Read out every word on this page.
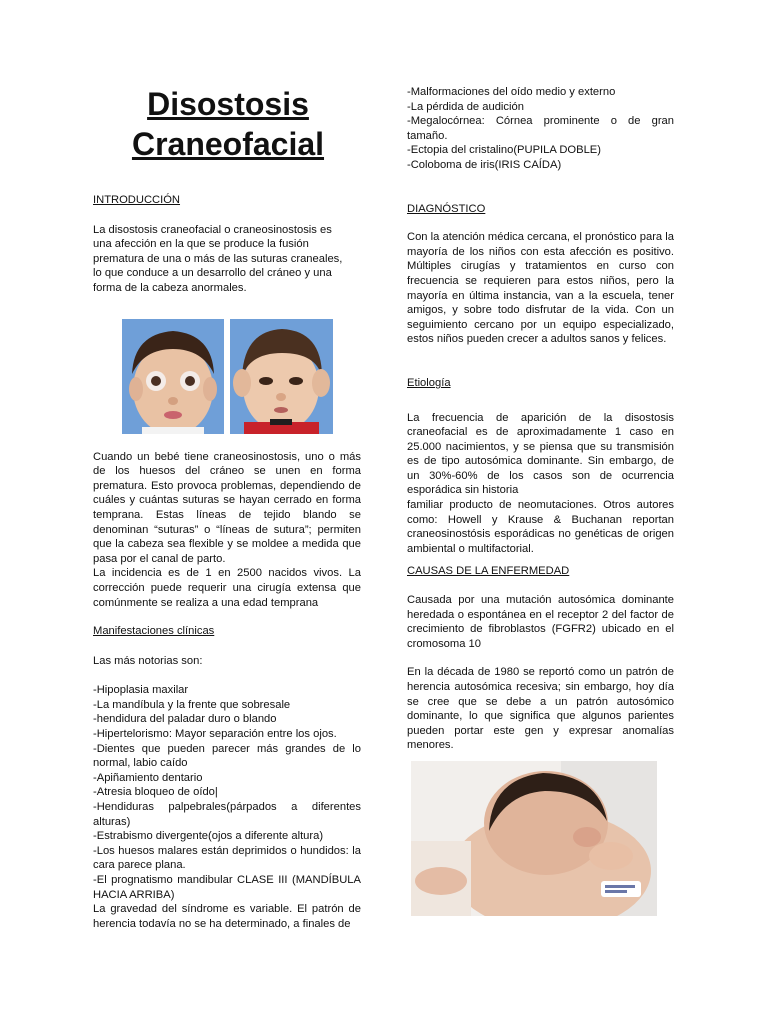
Disostosis
Craneofacial

INTRODUCCIÓN

La disostosis craneofacial o craneosinostosis es
una afección en la que se produce la fusión
prematura de una o más de las suturas craneales,
lo que conduce a un desarrollo del cráneo y una
forma de la cabeza anormales.

Cuando un bebé tiene craneosinostosis, uno o más de los huesos del cráneo se unen en forma prematura. Esto provoca problemas, dependiendo de cuáles y cuántas suturas se hayan cerrado en forma temprana. Estas líneas de tejido blando se denominan “suturas” o “líneas de sutura”; permiten que la cabeza sea flexible y se moldee a medida que pasa por el canal de parto.

La incidencia es de 1 en 2500 nacidos vivos. La corrección puede requerir una cirugía extensa que comúnmente se realiza a una edad temprana

Manifestaciones clínicas

Las más notorias son:

-Hipoplasia maxilar

-La mandíbula y la frente que sobresale

-hendidura del paladar duro o blando

-Hipertelorismo: Mayor separación entre los ojos.

-Dientes que pueden parecer más grandes de lo normal, labio caído

-Apiñamiento dentario

-Atresia bloqueo de oído|

-Hendiduras palpebrales(párpados a diferentes alturas)

-Estrabismo divergente(ojos a diferente altura)

-Los huesos malares están deprimidos o hundidos: la cara parece plana.

-El prognatismo mandibular CLASE III (MANDÍBULA HACIA ARRIBA)

La gravedad del síndrome es variable. El patrón de herencia todavía no se ha determinado, a finales de

-Malformaciones del oído medio y externo

-La pérdida de audición

-Megalocórnea: Córnea prominente o de gran tamaño.

-Ectopia del cristalino(PUPILA DOBLE)

-Coloboma de iris(IRIS CAÍDA)

DIAGNÓSTICO

Con la atención médica cercana, el pronóstico para la mayoría de los niños con esta afección es positivo. Múltiples cirugías y tratamientos en curso con frecuencia se requieren para estos niños, pero la mayoría en última instancia, van a la escuela, tener amigos, y sobre todo disfrutar de la vida. Con un seguimiento cercano por un equipo especializado, estos niños pueden crecer a adultos sanos y felices.

Etiología

La frecuencia de aparición de la disostosis craneofacial es de aproximadamente 1 caso en 25.000 nacimientos, y se piensa que su transmisión es de tipo autosómica dominante. Sin embargo, de un 30%-60% de los casos son de ocurrencia esporádica sin historia

familiar producto de neomutaciones. Otros autores como: Howell y Krause & Buchanan reportan craneosinostósis esporádicas no genéticas de origen ambiental o multifactorial.

CAUSAS DE LA ENFERMEDAD

Causada por una mutación autosómica dominante heredada o espontánea en el receptor 2 del factor de crecimiento de fibroblastos (FGFR2) ubicado en el cromosoma 10

En la década de 1980 se reportó como un patrón de herencia autosómica recesiva; sin embargo, hoy día se cree que se debe a un patrón autosómico dominante, lo que significa que algunos parientes pueden portar este gen y expresar anomalías menores.
